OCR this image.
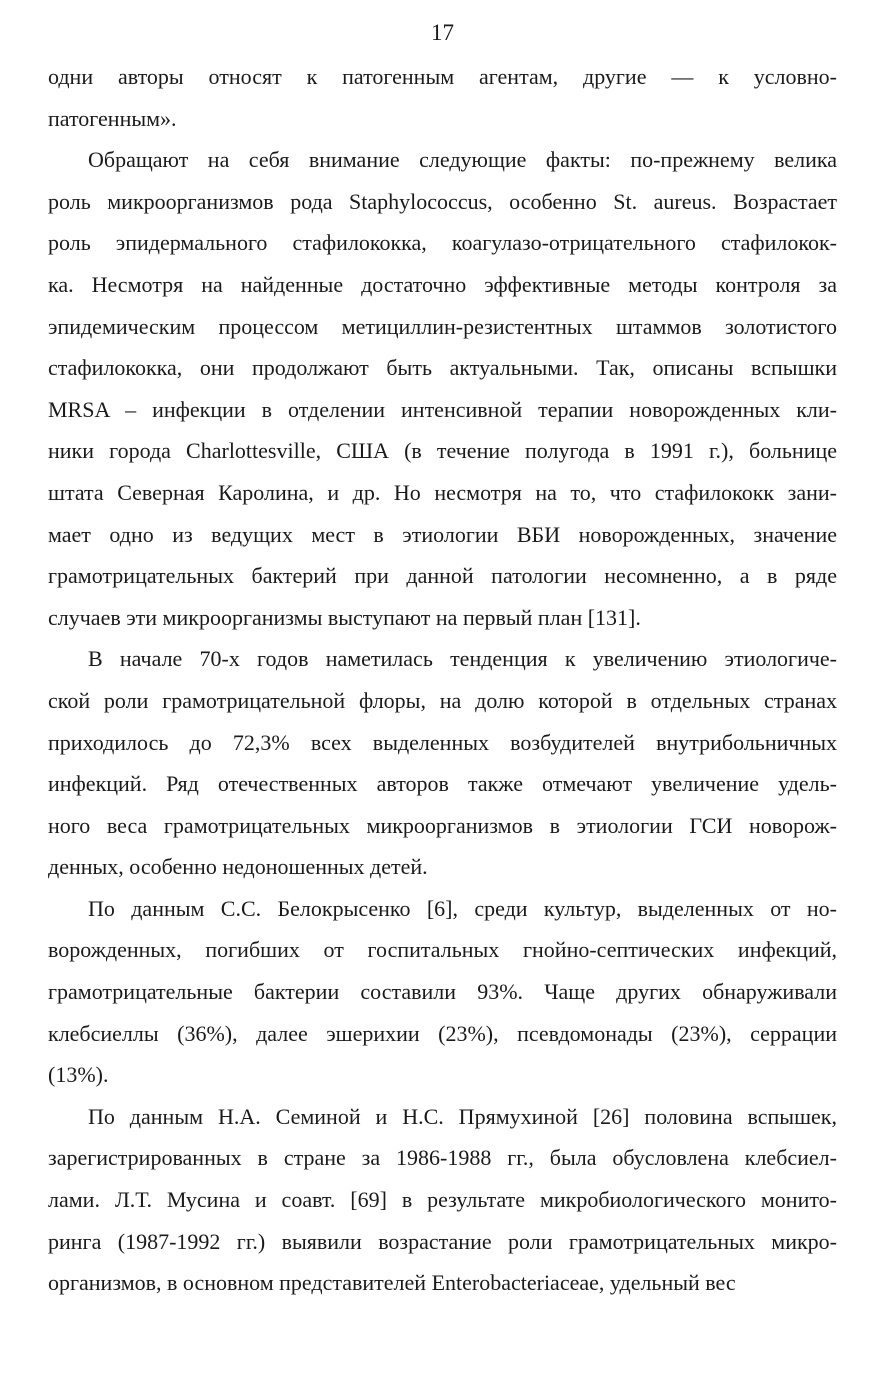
17
одни авторы относят к патогенным агентам, другие — к условно-
патогенным».
Обращают на себя внимание следующие факты: по-прежнему велика
роль микроорганизмов рода Staphylococcus, особенно St. aureus. Возрастает
роль эпидермального стафилококка, коагулазо-отрицательного стафилокок-
ка. Несмотря на найденные достаточно эффективные методы контроля за
эпидемическим процессом метициллин-резистентных штаммов золотистого
стафилококка, они продолжают быть актуальными. Так, описаны вспышки
MRSA – инфекции в отделении интенсивной терапии новорожденных кли-
ники города Charlottesville, США (в течение полугода в 1991 г.), больнице
штата Северная Каролина, и др. Но несмотря на то, что стафилококк зани-
мает одно из ведущих мест в этиологии ВБИ новорожденных, значение
грамотрицательных бактерий при данной патологии несомненно, а в ряде
случаев эти микроорганизмы выступают на первый план [131].
В начале 70-х годов наметилась тенденция к увеличению этиологиче-
ской роли грамотрицательной флоры, на долю которой в отдельных странах
приходилось до 72,3% всех выделенных возбудителей внутрибольничных
инфекций. Ряд отечественных авторов также отмечают увеличение удель-
ного веса грамотрицательных микроорганизмов в этиологии ГСИ новорож-
денных, особенно недоношенных детей.
По данным С.С. Белокрысенко [6], среди культур, выделенных от но-
ворожденных, погибших от госпитальных гнойно-септических инфекций,
грамотрицательные бактерии составили 93%. Чаще других обнаруживали
клебсиеллы (36%), далее эшерихии (23%), псевдомонады (23%), серрации
(13%).
По данным Н.А. Семиной и Н.С. Прямухиной [26] половина вспышек,
зарегистрированных в стране за 1986-1988 гг., была обусловлена клебсиел-
лами. Л.Т. Мусина и соавт. [69] в результате микробиологического монито-
ринга (1987-1992 гг.) выявили возрастание роли грамотрицательных микро-
организмов, в основном представителей Enterobacteriaceae, удельный вес
